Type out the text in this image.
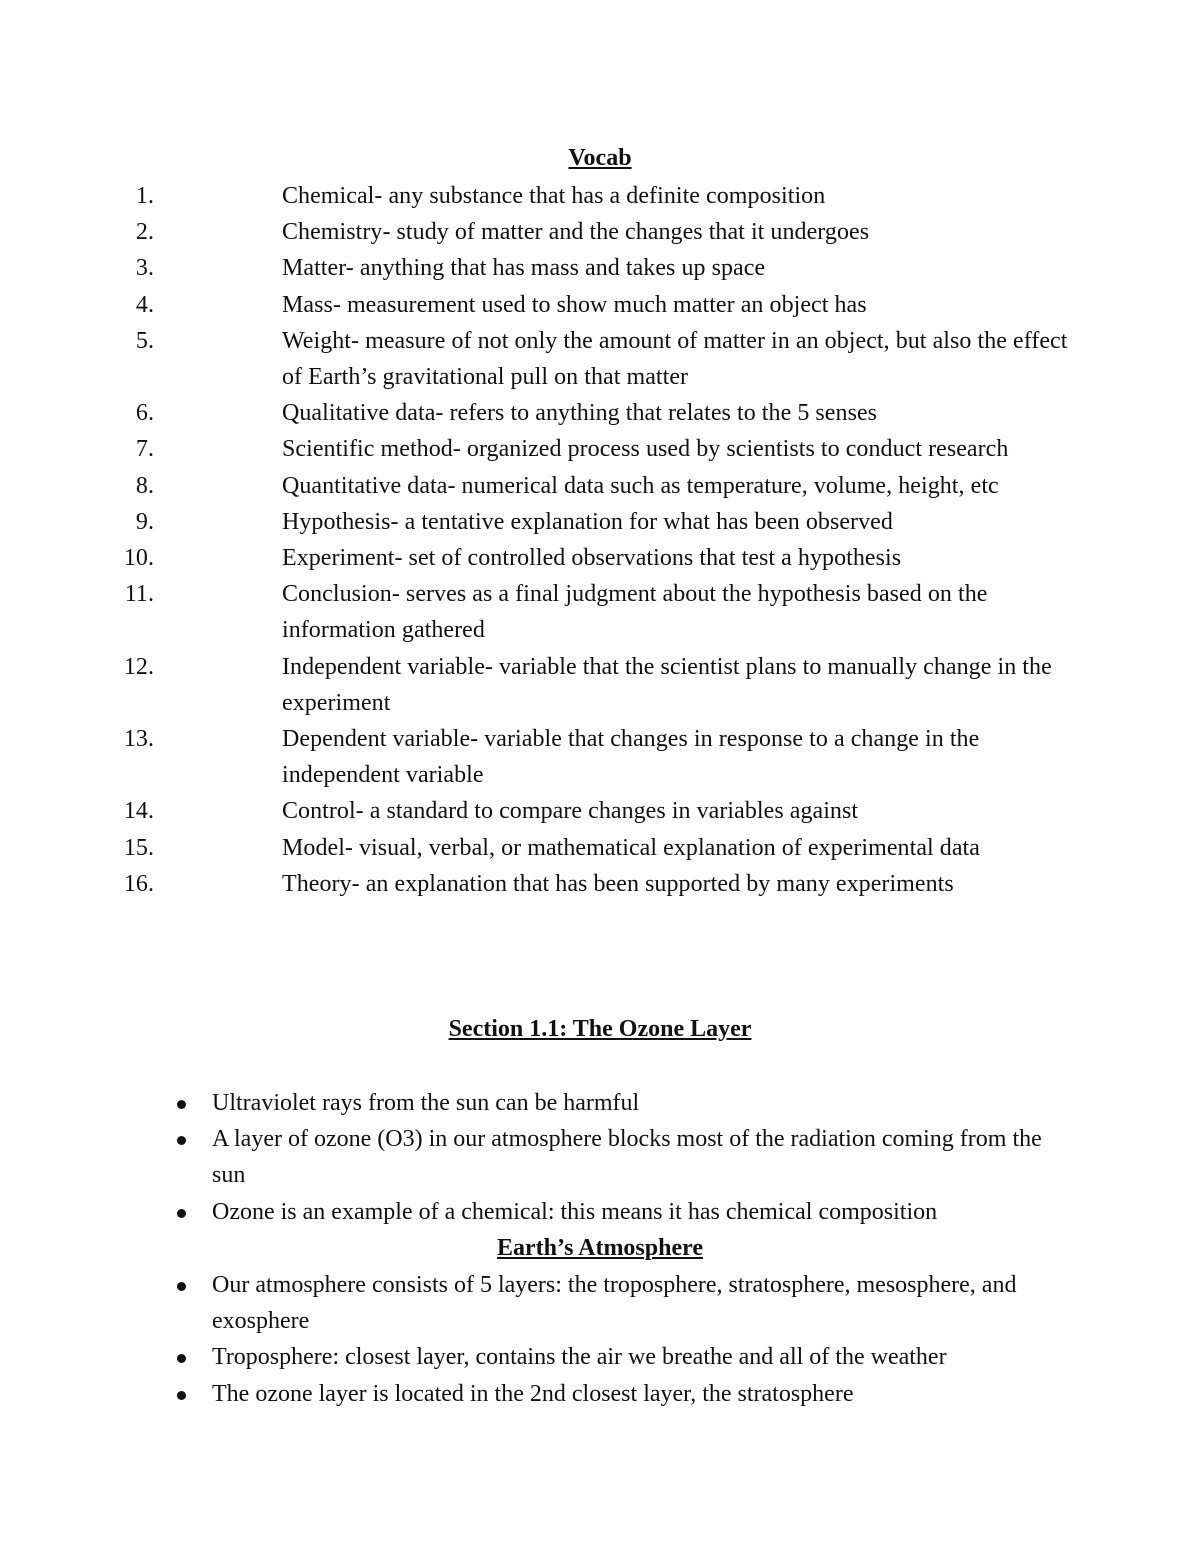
Vocab
1.	Chemical- any substance that has a definite composition
2.	Chemistry- study of matter and the changes that it undergoes
3.	Matter- anything that has mass and takes up space
4.	Mass- measurement used to show much matter an object has
5.	Weight- measure of not only the amount of matter in an object, but also the effect of Earth’s gravitational pull on that matter
6.	Qualitative data- refers to anything that relates to the 5 senses
7.	Scientific method- organized process used by scientists to conduct research
8.	Quantitative data- numerical data such as temperature, volume, height, etc
9.	Hypothesis- a tentative explanation for what has been observed
10.	Experiment- set of controlled observations that test a hypothesis
11.	Conclusion- serves as a final judgment about the hypothesis based on the information gathered
12.	Independent variable- variable that the scientist plans to manually change in the experiment
13.	Dependent variable- variable that changes in response to a change in the independent variable
14.	Control- a standard to compare changes in variables against
15.	Model- visual, verbal, or mathematical explanation of experimental data
16.	Theory- an explanation that has been supported by many experiments
Section 1.1: The Ozone Layer
Ultraviolet rays from the sun can be harmful
A layer of ozone (O3) in our atmosphere blocks most of the radiation coming from the sun
Ozone is an example of a chemical: this means it has chemical composition
Earth’s Atmosphere
Our atmosphere consists of 5 layers: the troposphere, stratosphere, mesosphere, and exosphere
Troposphere: closest layer, contains the air we breathe and all of the weather
The ozone layer is located in the 2nd closest layer, the stratosphere
